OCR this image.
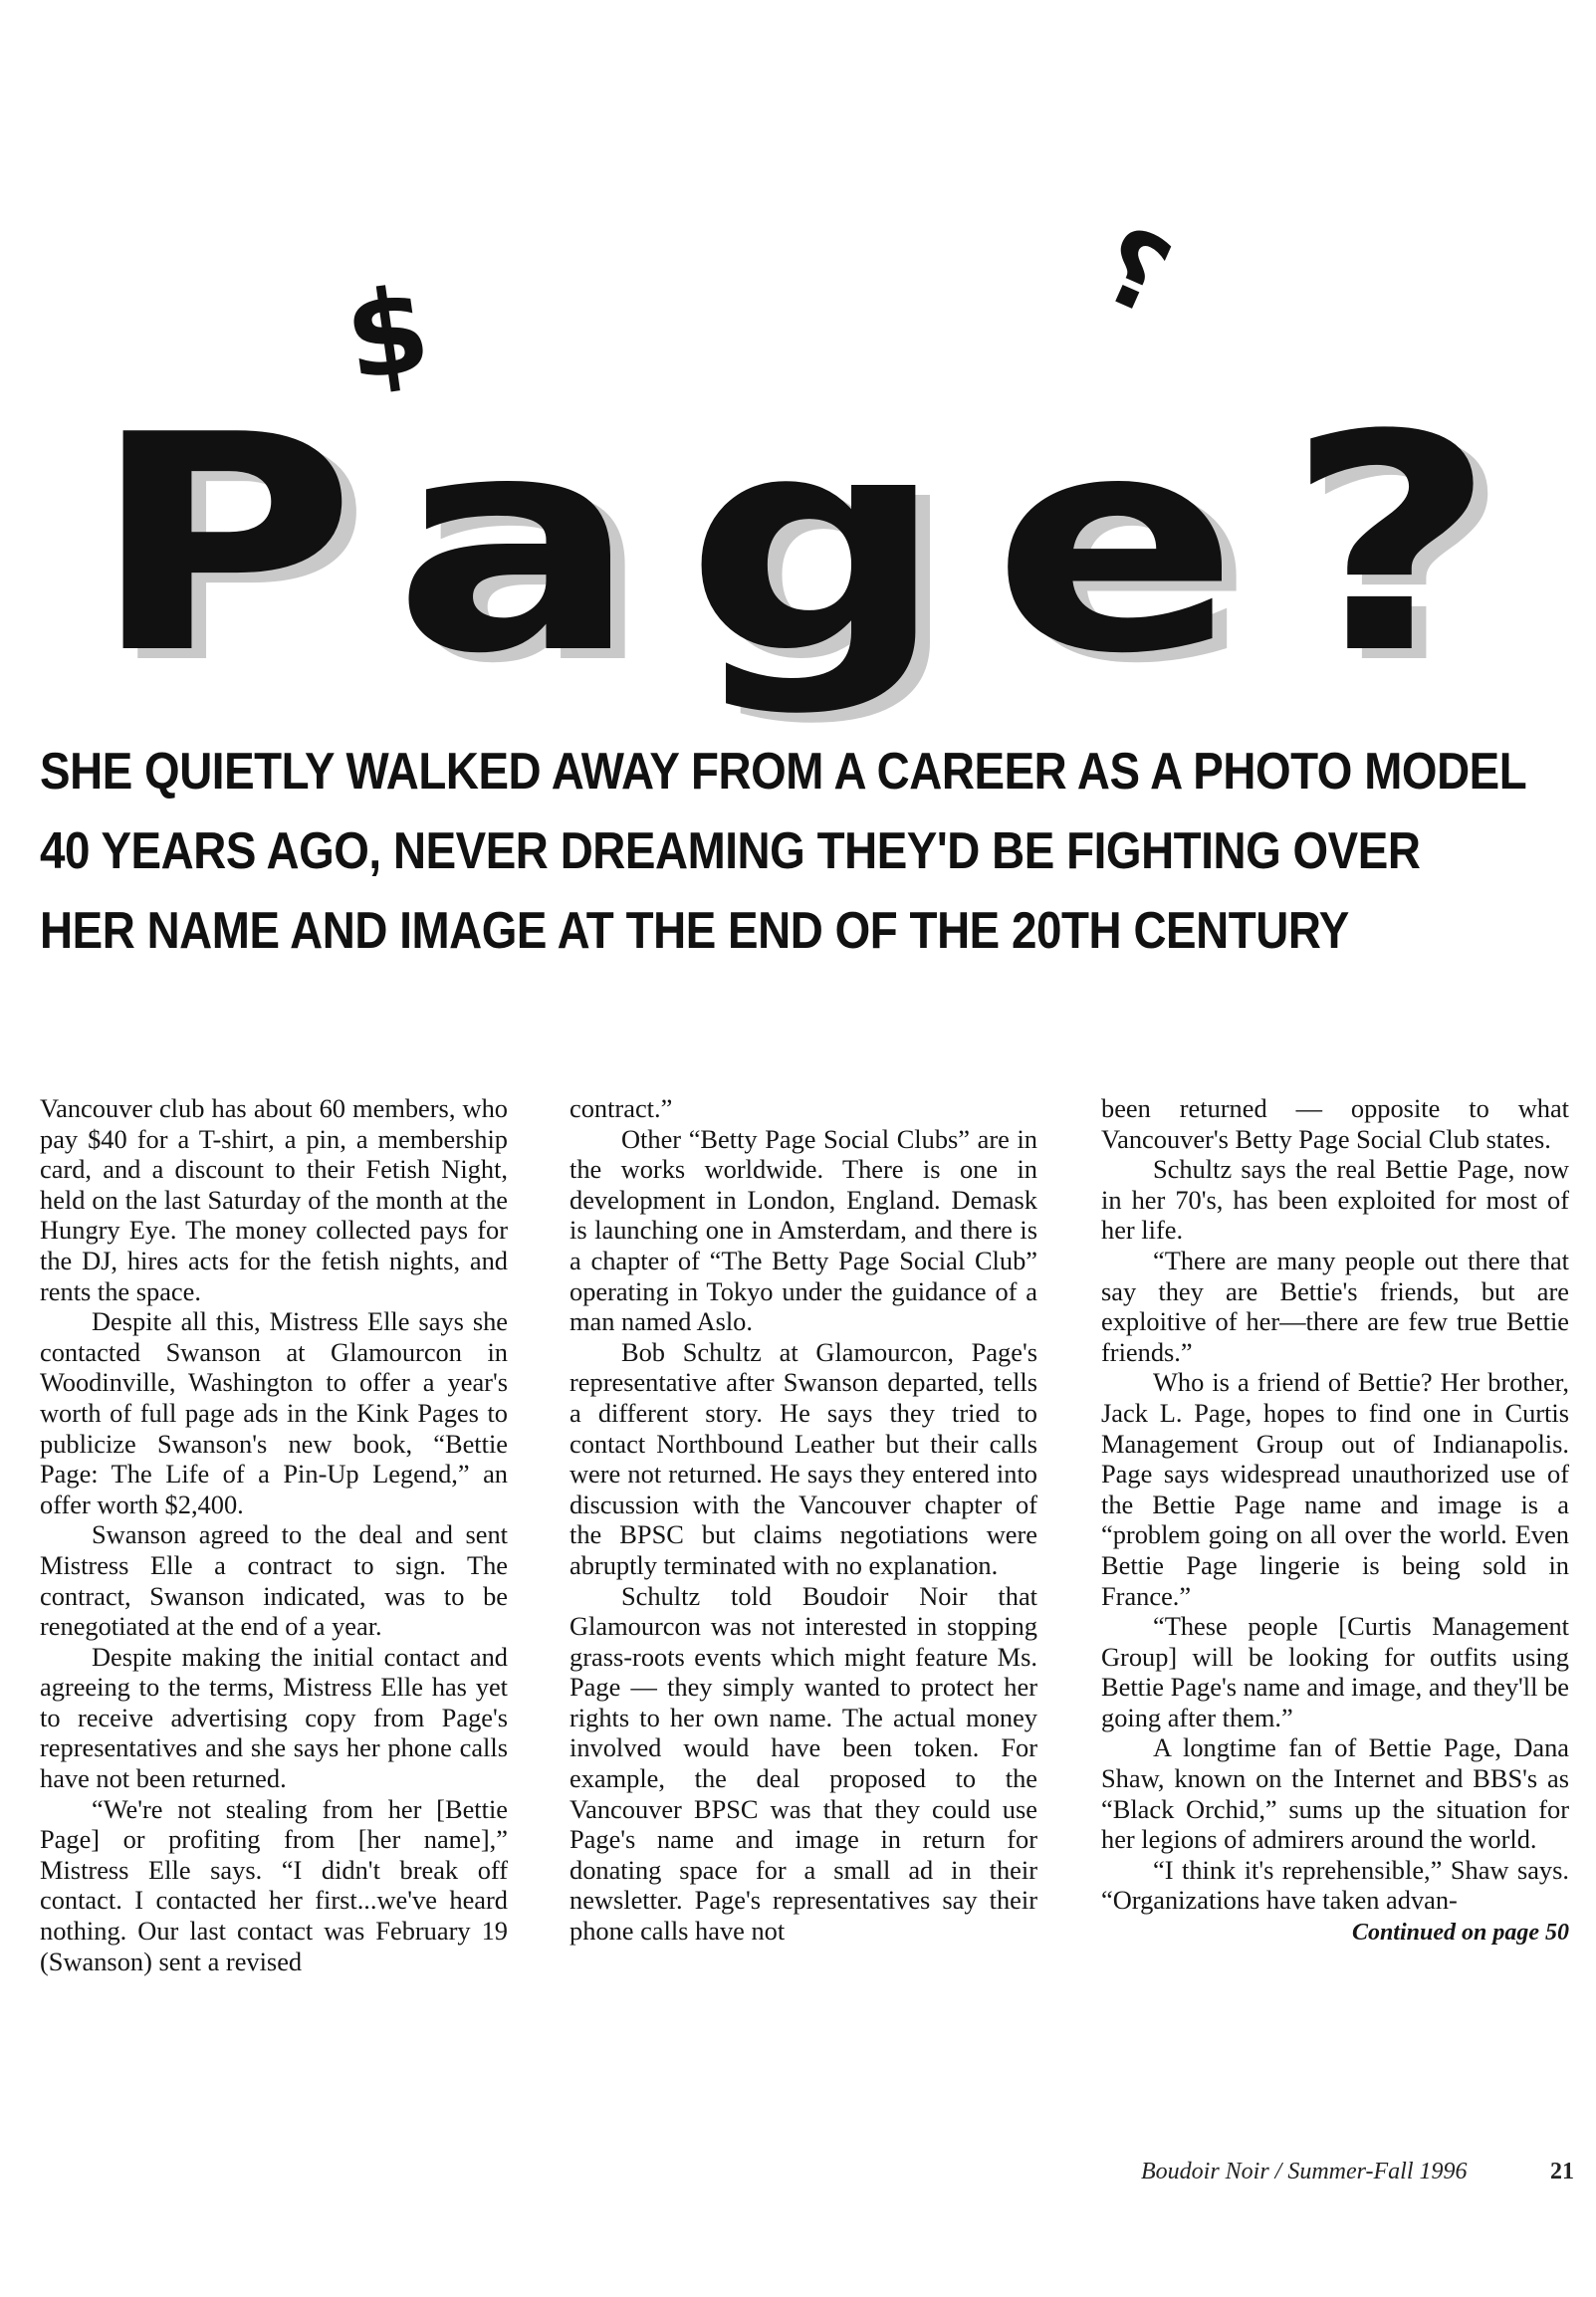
$	?
Page?
SHE QUIETLY WALKED AWAY FROM A CAREER AS A PHOTO MODEL
40 YEARS AGO, NEVER DREAMING THEY'D BE FIGHTING OVER
HER NAME AND IMAGE AT THE END OF THE 20TH CENTURY

Vancouver club has about 60 members, who pay $40 for a T-shirt, a pin, a membership card, and a discount to their Fetish Night, held on the last Saturday of the month at the Hungry Eye. The money collected pays for the DJ, hires acts for the fetish nights, and rents the space.

Despite all this, Mistress Elle says she contacted Swanson at Glamourcon in Woodinville, Washington to offer a year's worth of full page ads in the Kink Pages to publicize Swanson's new book, “Bettie Page: The Life of a Pin-Up Legend,” an offer worth $2,400.

Swanson agreed to the deal and sent Mistress Elle a contract to sign. The contract, Swanson indicated, was to be renegotiated at the end of a year.

Despite making the initial contact and agreeing to the terms, Mistress Elle has yet to receive advertising copy from Page's representatives and she says her phone calls have not been returned.

“We're not stealing from her [Bettie Page] or profiting from [her name],” Mistress Elle says. “I didn't break off contact. I contacted her first...we've heard nothing. Our last contact was February 19 (Swanson) sent a revised

contract.”

Other “Betty Page Social Clubs” are in the works worldwide. There is one in development in London, England. Demask is launching one in Amsterdam, and there is a chapter of “The Betty Page Social Club” operating in Tokyo under the guidance of a man named Aslo.

Bob Schultz at Glamourcon, Page's representative after Swanson departed, tells a different story. He says they tried to contact Northbound Leather but their calls were not returned. He says they entered into discussion with the Vancouver chapter of the BPSC but claims negotiations were abruptly terminated with no explanation.

Schultz told Boudoir Noir that Glamourcon was not interested in stopping grass-roots events which might feature Ms. Page — they simply wanted to protect her rights to her own name. The actual money involved would have been token. For example, the deal proposed to the Vancouver BPSC was that they could use Page's name and image in return for donating space for a small ad in their newsletter. Page's representatives say their phone calls have not

been returned — opposite to what Vancouver's Betty Page Social Club states.

Schultz says the real Bettie Page, now in her 70's, has been exploited for most of her life.

“There are many people out there that say they are Bettie's friends, but are exploitive of her—there are few true Bettie friends.”

Who is a friend of Bettie? Her brother, Jack L. Page, hopes to find one in Curtis Management Group out of Indianapolis. Page says widespread unauthorized use of the Bettie Page name and image is a “problem going on all over the world. Even Bettie Page lingerie is being sold in France.”

“These people [Curtis Management Group] will be looking for outfits using Bettie Page's name and image, and they'll be going after them.”

A longtime fan of Bettie Page, Dana Shaw, known on the Internet and BBS's as “Black Orchid,” sums up the situation for her legions of admirers around the world.

“I think it's reprehensible,” Shaw says. “Organizations have taken advan-

Continued on page 50
Boudoir Noir / Summer-Fall 1996	21
